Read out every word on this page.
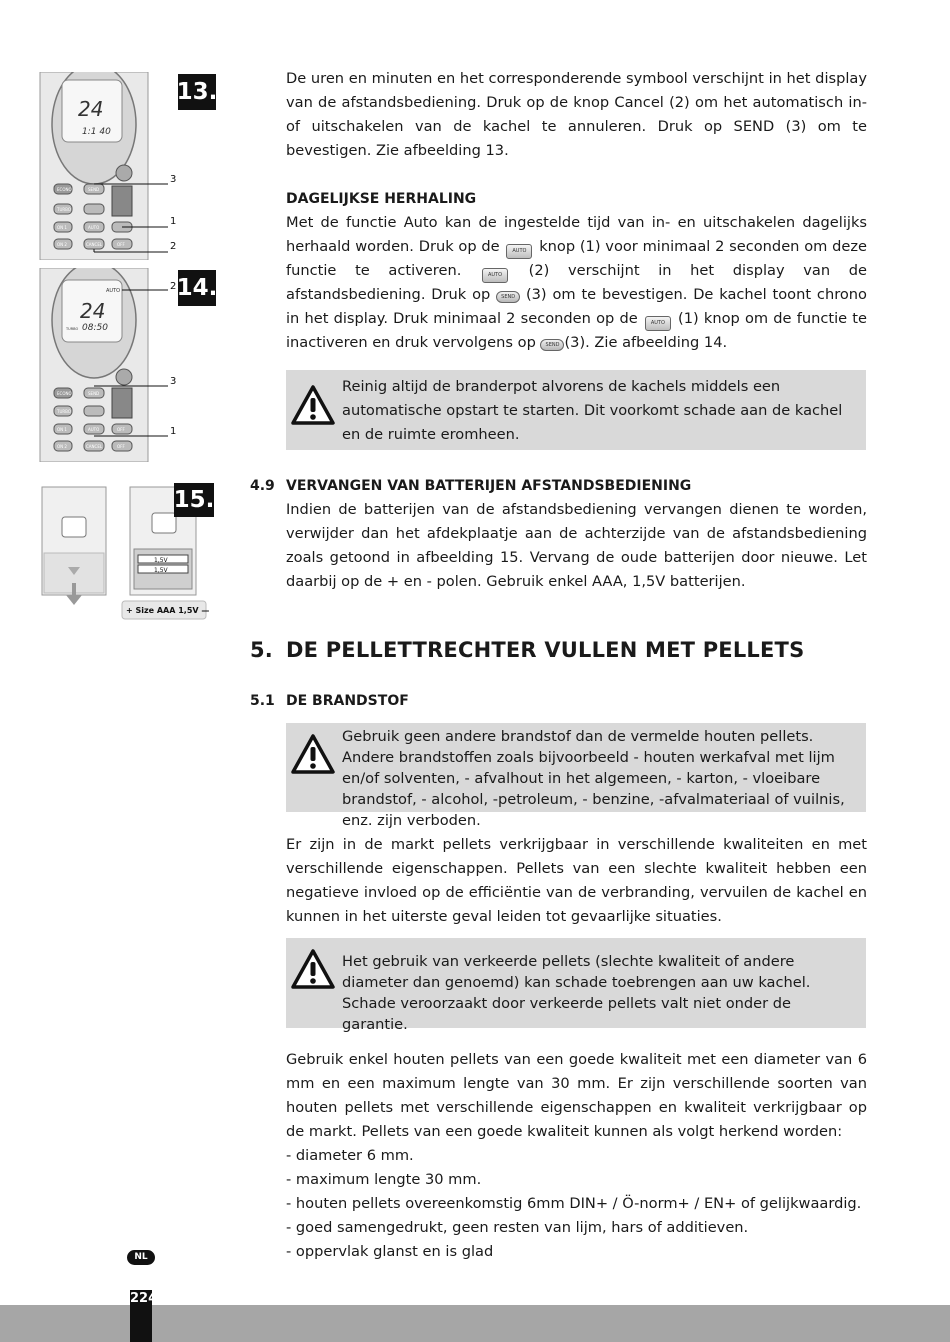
24
1:1 40
ECONO	SEND
TURBO
ON 1	AUTO
ON 2	CANCEL	OFF
3
1
2
13.
AUTO
24
TURBO 08:50
ECONO	SEND
TURBO
ON 1	AUTO	OFF
ON 2	CANCEL	OFF
2
3
1
14.
1,5V
1,5V
+ Size AAA 1,5V —
15.

De uren en minuten en het corresponderende symbool verschijnt in het display van de afstandsbediening. Druk op de knop Cancel (2) om het automatisch in- of uitschakelen van de kachel te annuleren. Druk op SEND (3) om te bevestigen. Zie afbeelding 13.

DAGELIJKSE HERHALING

Met de functie Auto kan de ingestelde tijd van in- en uitschakelen dagelijks herhaald worden. Druk op de AUTO knop (1) voor minimaal 2 seconden om deze functie te activeren. AUTO (2) verschijnt in het display van de afstandsbediening. Druk op SEND (3) om te bevestigen. De kachel toont chrono in het display. Druk minimaal 2 seconden op de AUTO (1) knop om de functie te inactiveren en druk vervolgens op SEND (3). Zie afbeelding 14.

Reinig altijd de branderpot alvorens de kachels middels een automatische opstart te starten. Dit voorkomt schade aan de kachel en de ruimte eromheen.
4.9 VERVANGEN VAN BATTERIJEN AFSTANDSBEDIENING

Indien de batterijen van de afstandsbediening vervangen dienen te worden, verwijder dan het afdekplaatje aan de achterzijde van de afstandsbediening zoals getoond in afbeelding 15. Vervang de oude batterijen door nieuwe. Let daarbij op de + en - polen. Gebruik enkel AAA, 1,5V batterijen.

5. DE PELLETTRECHTER VULLEN MET PELLETS
5.1 DE BRANDSTOF
Gebruik geen andere brandstof dan de vermelde houten pellets. Andere brandstoffen zoals bijvoorbeeld - houten werkafval met lijm en/of solventen, - afvalhout in het algemeen, - karton, - vloeibare brandstof, - alcohol, -petroleum, - benzine, -afvalmateriaal of vuilnis, enz. zijn verboden.

Er zijn in de markt pellets verkrijgbaar in verschillende kwaliteiten en met verschillende eigenschappen. Pellets van een slechte kwaliteit hebben een negatieve invloed op de efficiëntie van de verbranding, vervuilen de kachel en kunnen in het uiterste geval leiden tot gevaarlijke situaties.

Het gebruik van verkeerde pellets (slechte kwaliteit of andere diameter dan genoemd) kan schade toebrengen aan uw kachel. Schade veroorzaakt door verkeerde pellets valt niet onder de garantie.

Gebruik enkel houten pellets van een goede kwaliteit met een diameter van 6 mm en een maximum lengte van 30 mm. Er zijn verschillende soorten van houten pellets met verschillende eigenschappen en kwaliteit verkrijgbaar op de markt. Pellets van een goede kwaliteit kunnen als volgt herkend worden:

- diameter 6 mm.
- maximum lengte 30 mm.
- houten pellets overeenkomstig 6mm DIN+ / Ö-norm+ / EN+ of gelijkwaardig.
- goed samengedrukt, geen resten van lijm, hars of additieven.
- oppervlak glanst en is glad
NL
224
